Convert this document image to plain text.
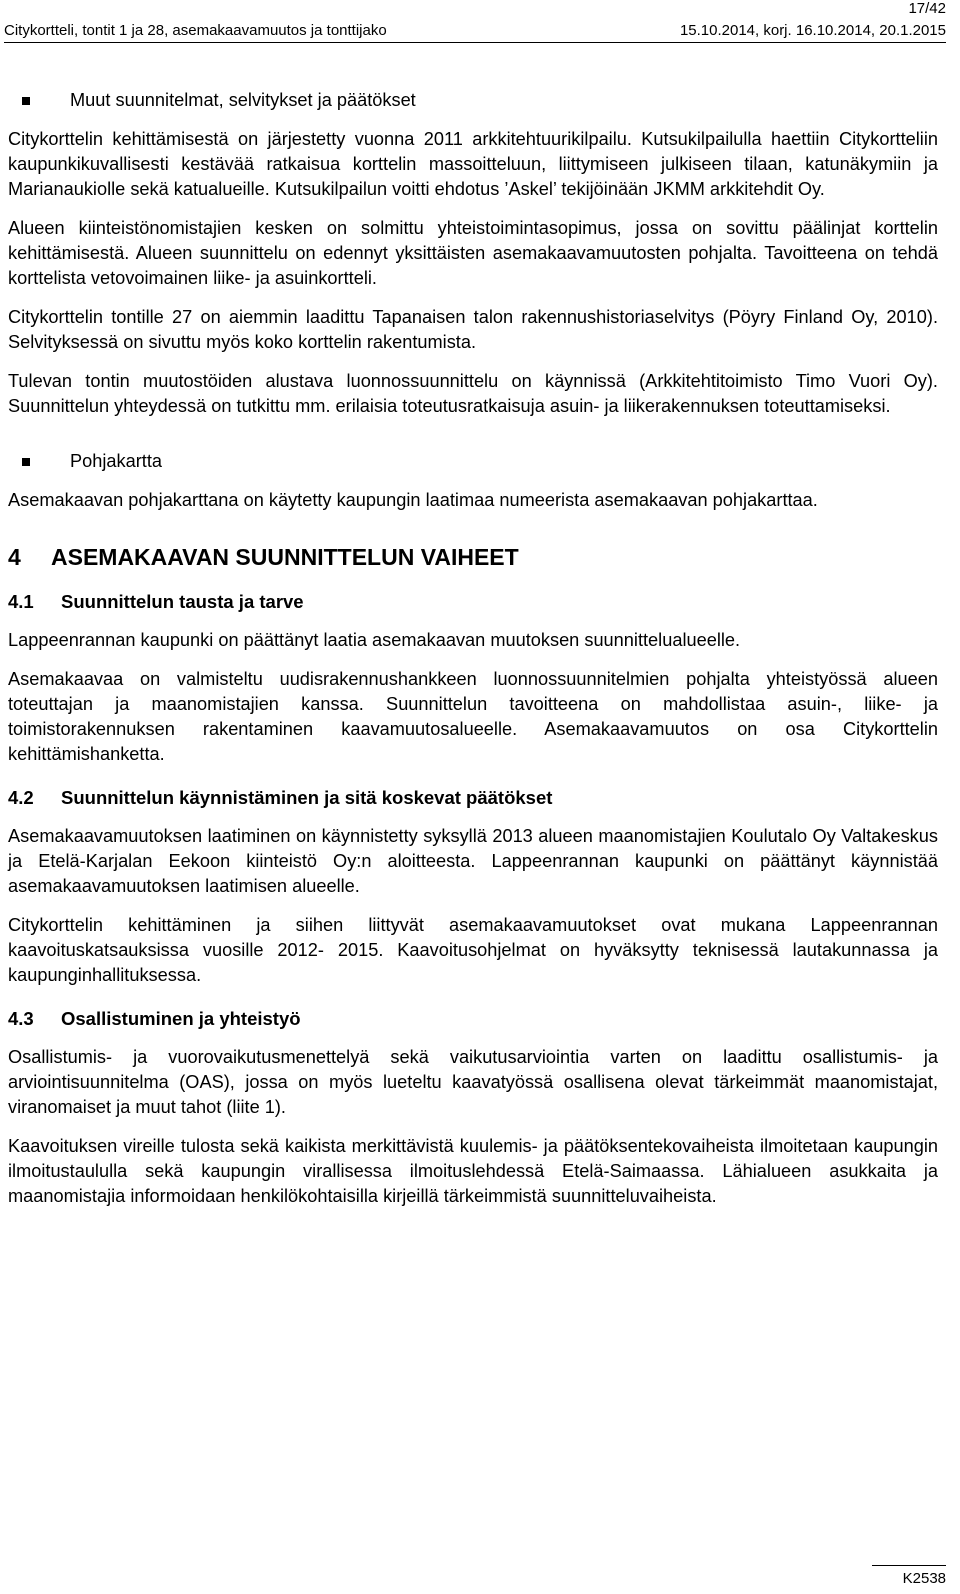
17/42
Citykortteli, tontit 1 ja 28, asemakaavamuutos ja tonttijako	15.10.2014, korj. 16.10.2014, 20.1.2015
Muut suunnitelmat, selvitykset ja päätökset

Citykorttelin kehittämisestä on järjestetty vuonna 2011 arkkitehtuurikilpailu. Kutsukilpailulla haettiin Citykortteliin kaupunkikuvallisesti kestävää ratkaisua korttelin massoitteluun, liittymiseen julkiseen tilaan, katunäkymiin ja Marianaukiolle sekä katualueille. Kutsukilpailun voitti ehdotus ’Askel’ tekijöinään JKMM arkkitehdit Oy.

Alueen kiinteistönomistajien kesken on solmittu yhteistoimintasopimus, jossa on sovittu päälinjat korttelin kehittämisestä. Alueen suunnittelu on edennyt yksittäisten asemakaavamuutosten pohjalta. Tavoitteena on tehdä korttelista vetovoimainen liike- ja asuinkortteli.

Citykorttelin tontille 27 on aiemmin laadittu Tapanaisen talon rakennushistoriaselvitys (Pöyry Finland Oy, 2010). Selvityksessä on sivuttu myös koko korttelin rakentumista.

Tulevan tontin muutostöiden alustava luonnossuunnittelu on käynnissä (Arkkitehtitoimisto Timo Vuori Oy). Suunnittelun yhteydessä on tutkittu mm. erilaisia toteutusratkaisuja asuin- ja liikerakennuksen toteuttamiseksi.

Pohjakartta

Asemakaavan pohjakarttana on käytetty kaupungin laatimaa numeerista asemakaavan pohjakarttaa.

4	ASEMAKAAVAN SUUNNITTELUN VAIHEET
4.1	Suunnittelun tausta ja tarve

Lappeenrannan kaupunki on päättänyt laatia asemakaavan muutoksen suunnittelualueelle.

Asemakaavaa on valmisteltu uudisrakennushankkeen luonnossuunnitelmien pohjalta yhteistyössä alueen toteuttajan ja maanomistajien kanssa. Suunnittelun tavoitteena on mahdollistaa asuin-, liike- ja toimistorakennuksen rakentaminen kaavamuutosalueelle. Asemakaavamuutos on osa Citykorttelin kehittämishanketta.

4.2	Suunnittelun käynnistäminen ja sitä koskevat päätökset

Asemakaavamuutoksen laatiminen on käynnistetty syksyllä 2013 alueen maanomistajien Koulutalo Oy Valtakeskus ja Etelä-Karjalan Eekoon kiinteistö Oy:n aloitteesta. Lappeenrannan kaupunki on päättänyt käynnistää asemakaavamuutoksen laatimisen alueelle.

Citykorttelin kehittäminen ja siihen liittyvät asemakaavamuutokset ovat mukana Lappeenrannan kaavoituskatsauksissa vuosille 2012- 2015. Kaavoitusohjelmat on hyväksytty teknisessä lautakunnassa ja kaupunginhallituksessa.

4.3	Osallistuminen ja yhteistyö

Osallistumis- ja vuorovaikutusmenettelyä sekä vaikutusarviointia varten on laadittu osallistumis- ja arviointisuunnitelma (OAS), jossa on myös lueteltu kaavatyössä osallisena olevat tärkeimmät maanomistajat, viranomaiset ja muut tahot (liite 1).

Kaavoituksen vireille tulosta sekä kaikista merkittävistä kuulemis- ja päätöksentekovaiheista ilmoitetaan kaupungin ilmoitustaululla sekä kaupungin virallisessa ilmoituslehdessä Etelä-Saimaassa. Lähialueen asukkaita ja maanomistajia informoidaan henkilökohtaisilla kirjeillä tärkeimmistä suunnitteluvaiheista.

K2538
